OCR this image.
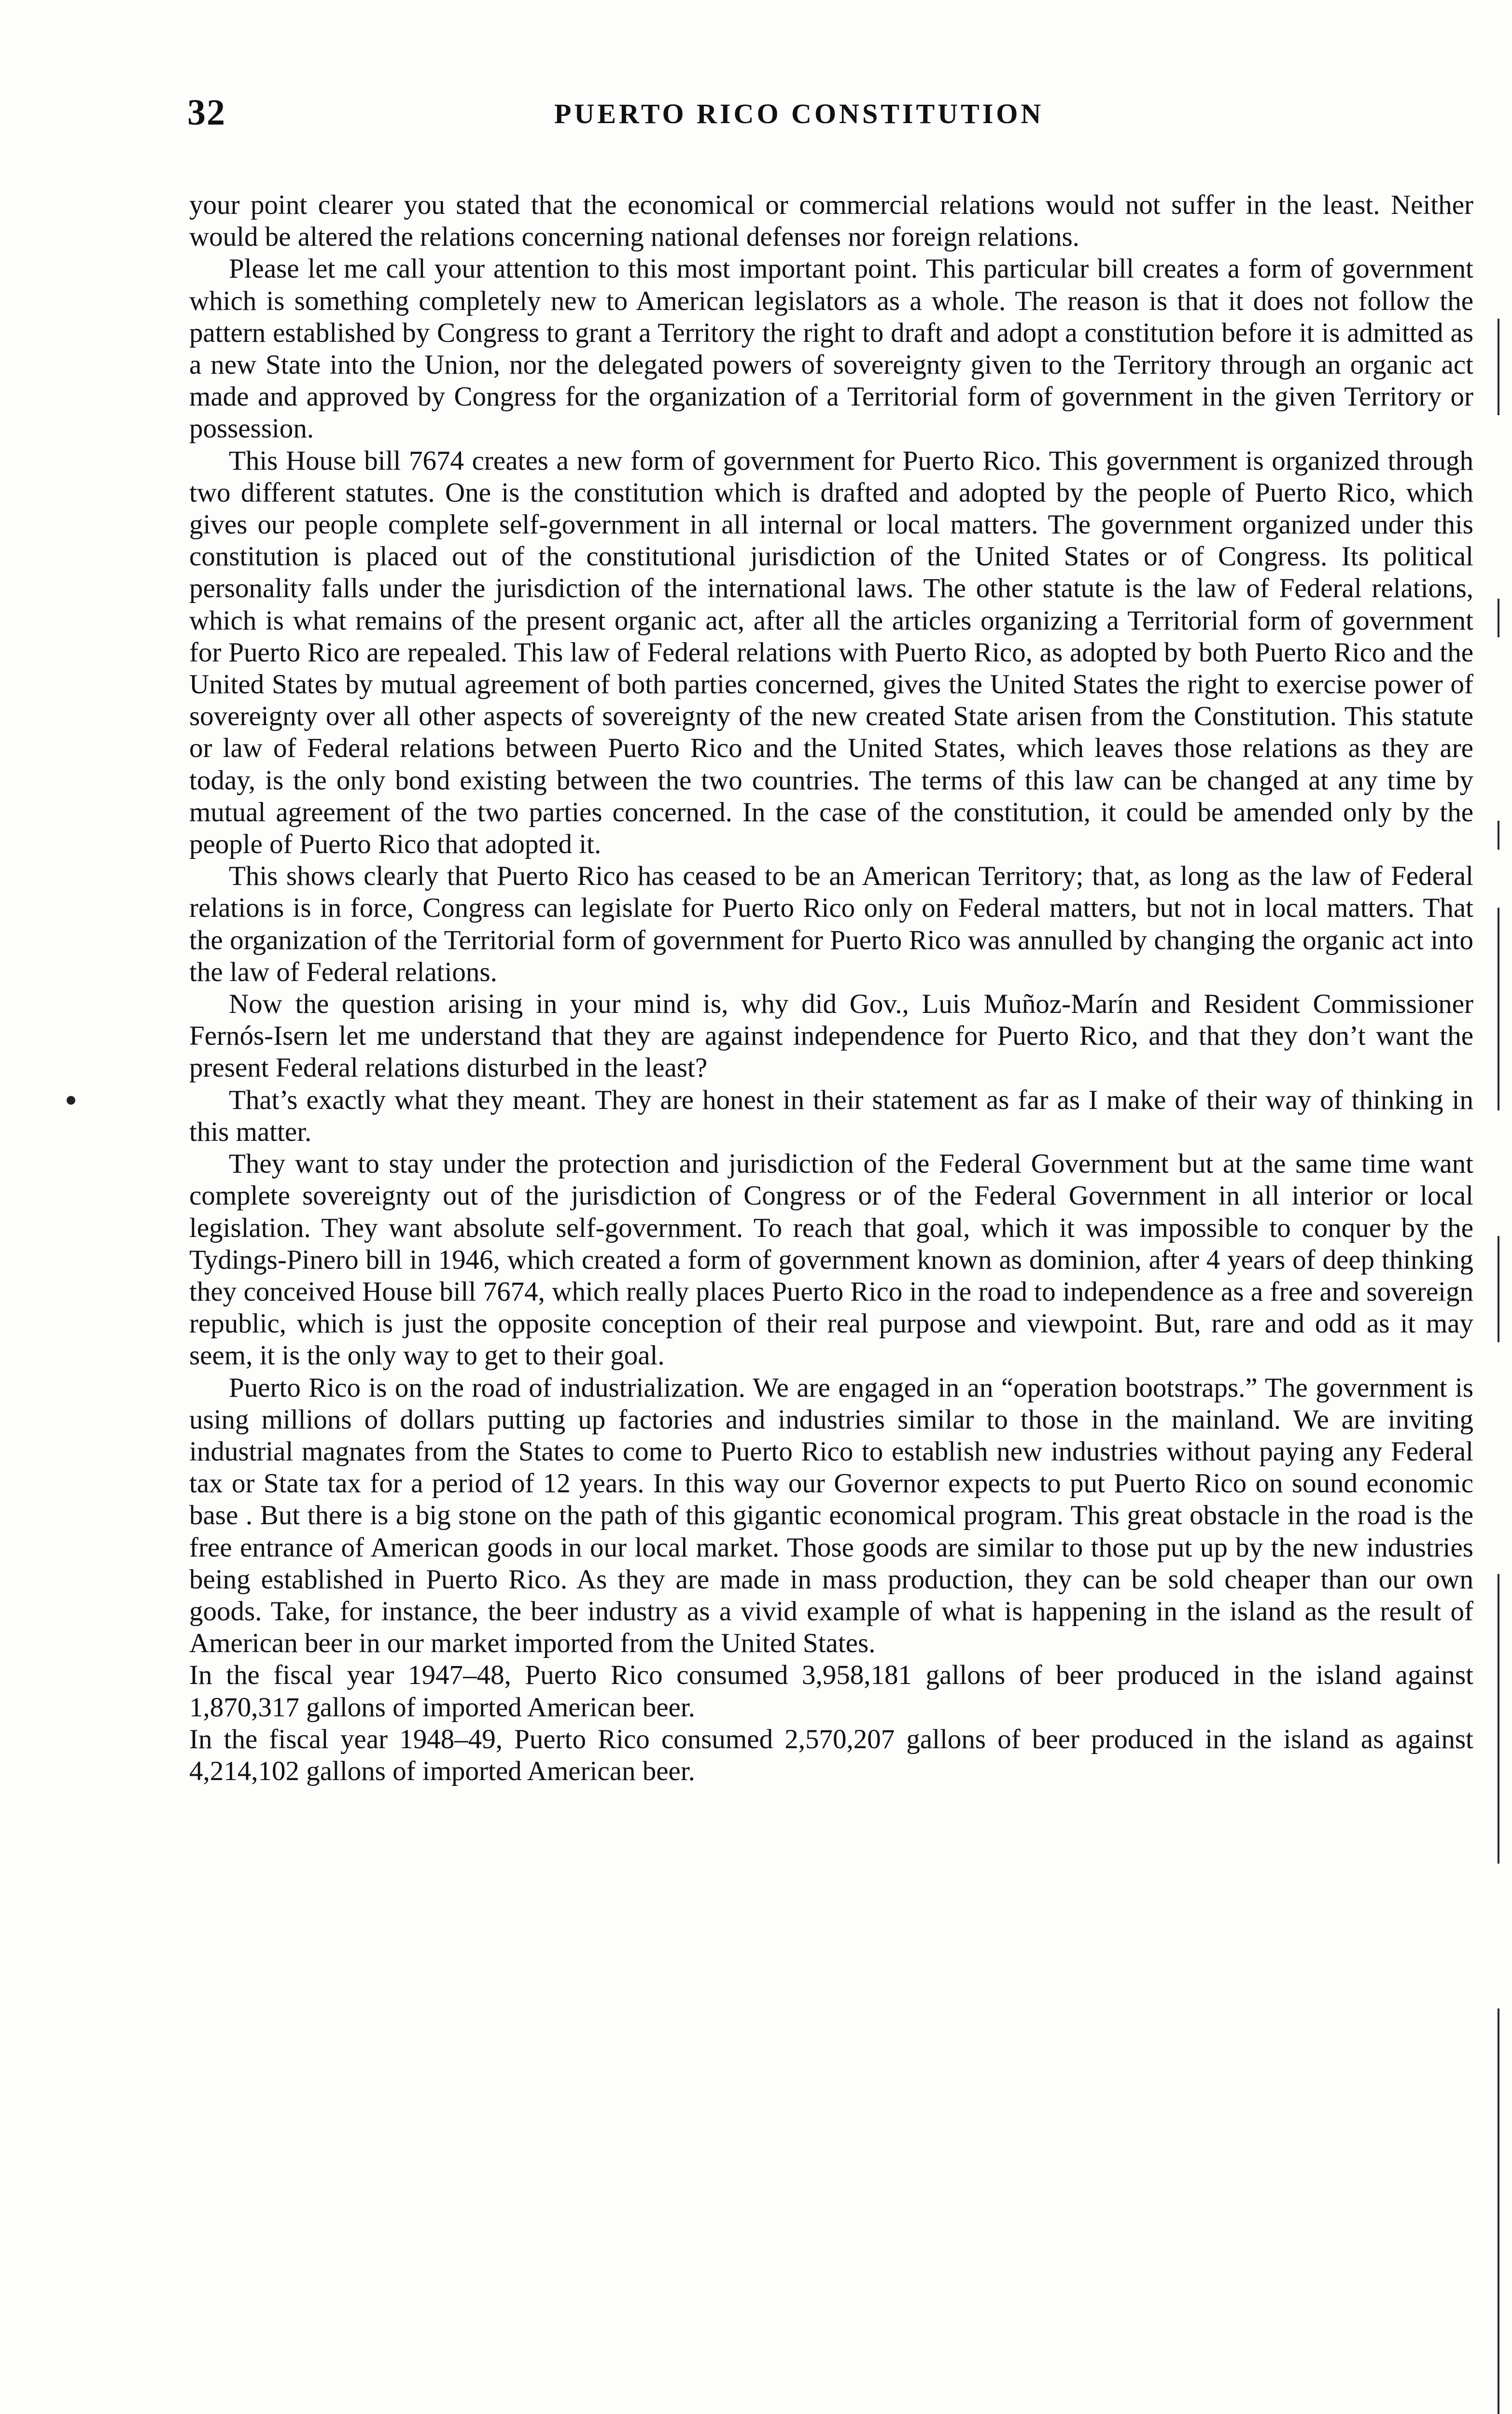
32	PUERTO RICO CONSTITUTION

your point clearer you stated that the economical or commercial relations would not suffer in the least. Neither would be altered the relations concerning national defenses nor foreign relations.

Please let me call your attention to this most important point. This particular bill creates a form of government which is something completely new to American legislators as a whole. The reason is that it does not follow the pattern established by Congress to grant a Territory the right to draft and adopt a constitution before it is admitted as a new State into the Union, nor the delegated powers of sovereignty given to the Territory through an organic act made and approved by Congress for the organization of a Territorial form of government in the given Territory or possession.

This House bill 7674 creates a new form of government for Puerto Rico. This government is organized through two different statutes. One is the constitution which is drafted and adopted by the people of Puerto Rico, which gives our people complete self-government in all internal or local matters. The government organized under this constitution is placed out of the constitutional jurisdiction of the United States or of Congress. Its political personality falls under the jurisdiction of the international laws. The other statute is the law of Federal relations, which is what remains of the present organic act, after all the articles organizing a Territorial form of government for Puerto Rico are repealed. This law of Federal relations with Puerto Rico, as adopted by both Puerto Rico and the United States by mutual agreement of both parties concerned, gives the United States the right to exercise power of sovereignty over all other aspects of sovereignty of the new created State arisen from the Constitution. This statute or law of Federal relations between Puerto Rico and the United States, which leaves those relations as they are today, is the only bond existing between the two countries. The terms of this law can be changed at any time by mutual agreement of the two parties concerned. In the case of the constitution, it could be amended only by the people of Puerto Rico that adopted it.

This shows clearly that Puerto Rico has ceased to be an American Territory; that, as long as the law of Federal relations is in force, Congress can legislate for Puerto Rico only on Federal matters, but not in local matters. That the organization of the Territorial form of government for Puerto Rico was annulled by changing the organic act into the law of Federal relations.

Now the question arising in your mind is, why did Gov., Luis Muñoz-Marín and Resident Commissioner Fernós-Isern let me understand that they are against independence for Puerto Rico, and that they don’t want the present Federal relations disturbed in the least?

That’s exactly what they meant. They are honest in their statement as far as I make of their way of thinking in this matter.

They want to stay under the protection and jurisdiction of the Federal Government but at the same time want complete sovereignty out of the jurisdiction of Congress or of the Federal Government in all interior or local legislation. They want absolute self-government. To reach that goal, which it was impossible to conquer by the Tydings-Pinero bill in 1946, which created a form of government known as dominion, after 4 years of deep thinking they conceived House bill 7674, which really places Puerto Rico in the road to independence as a free and sovereign republic, which is just the opposite conception of their real purpose and viewpoint. But, rare and odd as it may seem, it is the only way to get to their goal.

Puerto Rico is on the road of industrialization. We are engaged in an “operation bootstraps.” The government is using millions of dollars putting up factories and industries similar to those in the mainland. We are inviting industrial magnates from the States to come to Puerto Rico to establish new industries without paying any Federal tax or State tax for a period of 12 years. In this way our Governor expects to put Puerto Rico on sound economic base . But there is a big stone on the path of this gigantic economical program. This great obstacle in the road is the free entrance of American goods in our local market. Those goods are similar to those put up by the new industries being established in Puerto Rico. As they are made in mass production, they can be sold cheaper than our own goods. Take, for instance, the beer industry as a vivid example of what is happening in the island as the result of American beer in our market imported from the United States.

In the fiscal year 1947–48, Puerto Rico consumed 3,958,181 gallons of beer produced in the island against 1,870,317 gallons of imported American beer.

In the fiscal year 1948–49, Puerto Rico consumed 2,570,207 gallons of beer produced in the island as against 4,214,102 gallons of imported American beer.
